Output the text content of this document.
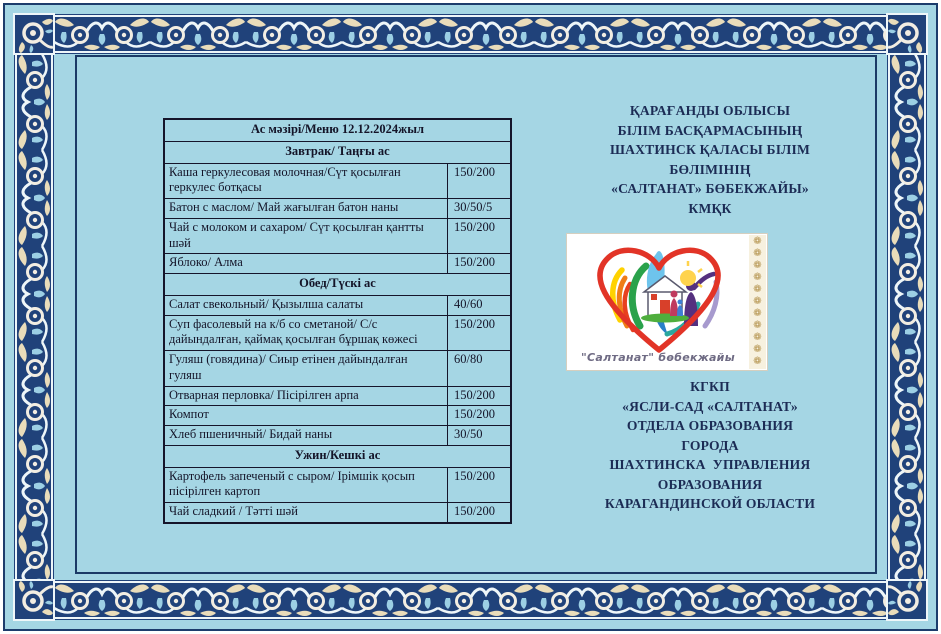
Ас мәзірі/Меню 12.12.2024жыл	
Завтрак/ Таңғы ас	
Каша геркулесовая молочная/Сүт қосылған геркулес ботқасы	150/200
Батон с маслом/ Май жағылған батон наны	30/50/5
Чай с молоком и сахаром/ Сүт қосылған қантты шәй	150/200
Яблоко/ Алма	150/200
Обед/Түскі ас	
Салат свекольный/ Қызылша салаты	40/60
Суп фасолевый на к/б со сметаной/ С/с дайындалған, қаймақ қосылған бұршақ көжесі	150/200
Гуляш (говядина)/ Сиыр етінен дайындалған гуляш	60/80
Отварная перловка/ Пісірілген арпа	150/200
Компот	150/200
Хлеб пшеничный/ Бидай наны	30/50
Ужин/Кешкі ас	
Картофель запеченый с сыром/ Ірімшік қосып пісірілген картоп	150/200
Чай сладкий / Тәтті шәй	150/200
ҚАРАҒАНДЫ ОБЛЫСЫ
БІЛІМ БАСҚАРМАСЫНЫҢ
ШАХТИНСК ҚАЛАСЫ БІЛІМ
БӨЛІМІНІҢ
«САЛТАНАТ» БӨБЕКЖАЙЫ»
КМҚК
❁
❁
❁
❁
❁
❁
❁
❁
❁
❁
❁
"Салтанат" бөбекжайы
КГКП
«ЯСЛИ-САД «САЛТАНАТ»
ОТДЕЛА ОБРАЗОВАНИЯ
ГОРОДА
ШАХТИНСКА  УПРАВЛЕНИЯ
ОБРАЗОВАНИЯ
КАРАГАНДИНСКОЙ ОБЛАСТИ
